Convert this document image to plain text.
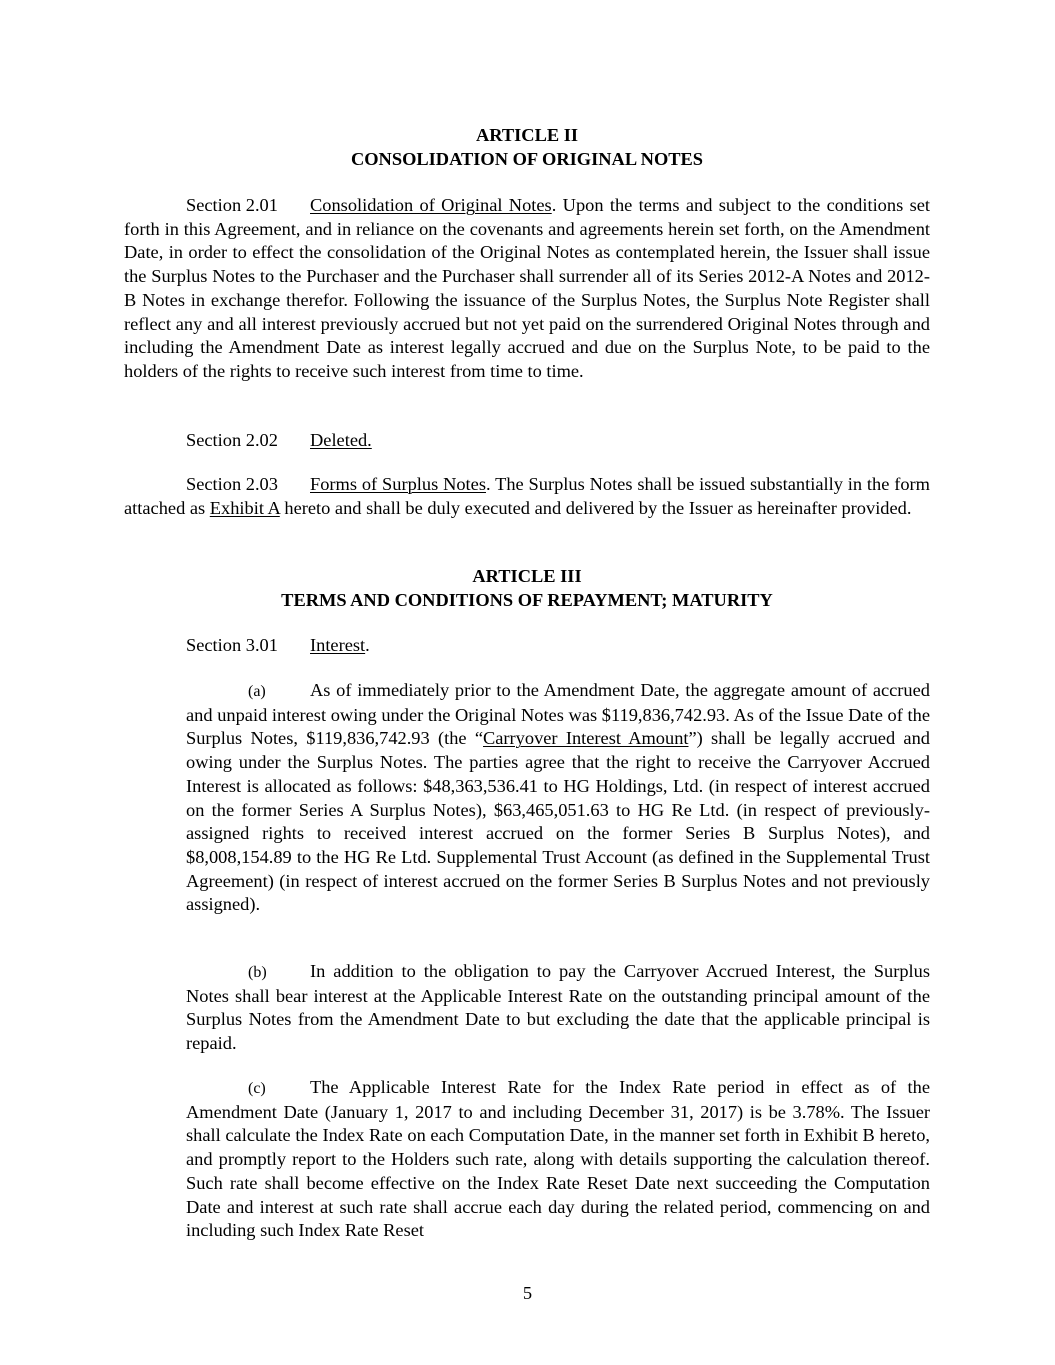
ARTICLE II
CONSOLIDATION OF ORIGINAL NOTES

Section 2.01 Consolidation of Original Notes. Upon the terms and subject to the conditions set forth in this Agreement, and in reliance on the covenants and agreements herein set forth, on the Amendment Date, in order to effect the consolidation of the Original Notes as contemplated herein, the Issuer shall issue the Surplus Notes to the Purchaser and the Purchaser shall surrender all of its Series 2012-A Notes and 2012-B Notes in exchange therefor. Following the issuance of the Surplus Notes, the Surplus Note Register shall reflect any and all interest previously accrued but not yet paid on the surrendered Original Notes through and including the Amendment Date as interest legally accrued and due on the Surplus Note, to be paid to the holders of the rights to receive such interest from time to time.

Section 2.02 Deleted.

Section 2.03 Forms of Surplus Notes. The Surplus Notes shall be issued substantially in the form attached as Exhibit A hereto and shall be duly executed and delivered by the Issuer as hereinafter provided.

ARTICLE III
TERMS AND CONDITIONS OF REPAYMENT; MATURITY

Section 3.01 Interest.

(a) As of immediately prior to the Amendment Date, the aggregate amount of accrued and unpaid interest owing under the Original Notes was $119,836,742.93. As of the Issue Date of the Surplus Notes, $119,836,742.93 (the “Carryover Interest Amount”) shall be legally accrued and owing under the Surplus Notes. The parties agree that the right to receive the Carryover Accrued Interest is allocated as follows: $48,363,536.41 to HG Holdings, Ltd. (in respect of interest accrued on the former Series A Surplus Notes), $63,465,051.63 to HG Re Ltd. (in respect of previously-assigned rights to received interest accrued on the former Series B Surplus Notes), and $8,008,154.89 to the HG Re Ltd. Supplemental Trust Account (as defined in the Supplemental Trust Agreement) (in respect of interest accrued on the former Series B Surplus Notes and not previously assigned).

(b) In addition to the obligation to pay the Carryover Accrued Interest, the Surplus Notes shall bear interest at the Applicable Interest Rate on the outstanding principal amount of the Surplus Notes from the Amendment Date to but excluding the date that the applicable principal is repaid.

(c) The Applicable Interest Rate for the Index Rate period in effect as of the Amendment Date (January 1, 2017 to and including December 31, 2017) is be 3.78%. The Issuer shall calculate the Index Rate on each Computation Date, in the manner set forth in Exhibit B hereto, and promptly report to the Holders such rate, along with details supporting the calculation thereof. Such rate shall become effective on the Index Rate Reset Date next succeeding the Computation Date and interest at such rate shall accrue each day during the related period, commencing on and including such Index Rate Reset

5
